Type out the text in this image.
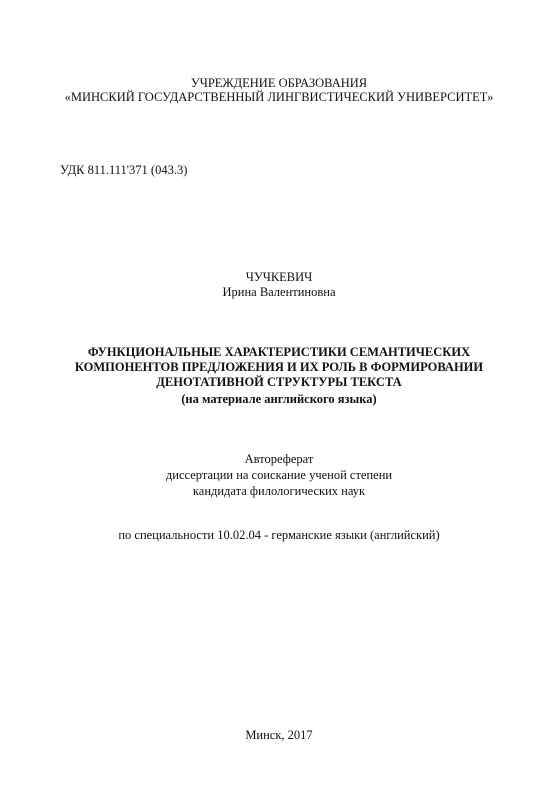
УЧРЕЖДЕНИЕ ОБРАЗОВАНИЯ
«МИНСКИЙ ГОСУДАРСТВЕННЫЙ ЛИНГВИСТИЧЕСКИЙ УНИВЕРСИТЕТ»
УДК 811.111'371 (043.3)
ЧУЧКЕВИЧ
Ирина Валентиновна
ФУНКЦИОНАЛЬНЫЕ ХАРАКТЕРИСТИКИ СЕМАНТИЧЕСКИХ
КОМПОНЕНТОВ ПРЕДЛОЖЕНИЯ И ИХ РОЛЬ В ФОРМИРОВАНИИ
ДЕНОТАТИВНОЙ СТРУКТУРЫ ТЕКСТА
(на материале английского языка)
Автореферат
диссертации на соискание ученой степени
кандидата филологических наук
по специальности 10.02.04 - германские языки (английский)
Минск, 2017
